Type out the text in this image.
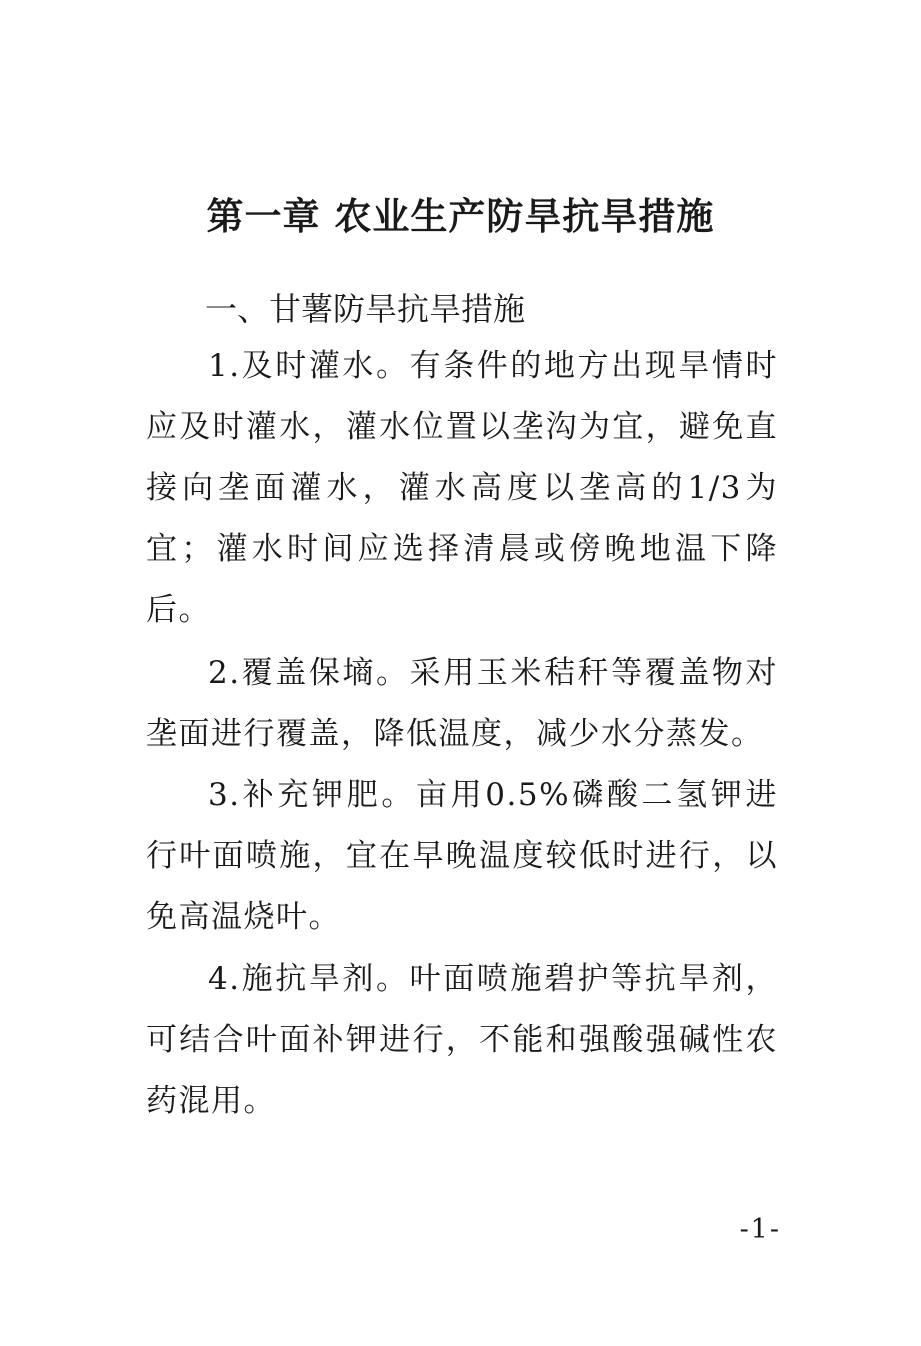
第一章 农业生产防旱抗旱措施
一、甘薯防旱抗旱措施

1.及时灌水。有条件的地方出现旱情时应及时灌水，灌水位置以垄沟为宜，避免直接向垄面灌水，灌水高度以垄高的1/3为宜；灌水时间应选择清晨或傍晚地温下降后。

2.覆盖保墒。采用玉米秸秆等覆盖物对垄面进行覆盖，降低温度，减少水分蒸发。

3.补充钾肥。亩用0.5%磷酸二氢钾进行叶面喷施，宜在早晚温度较低时进行，以免高温烧叶。

4.施抗旱剂。叶面喷施碧护等抗旱剂，可结合叶面补钾进行，不能和强酸强碱性农药混用。

-1-
